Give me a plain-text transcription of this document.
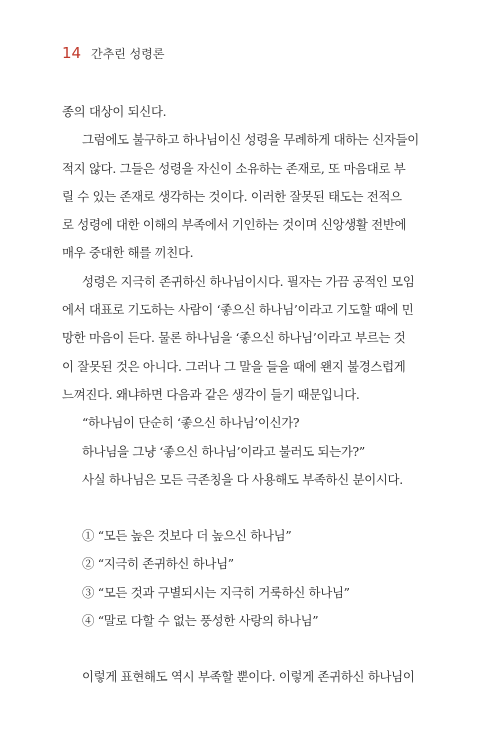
14 간추린 성령론
종의 대상이 되신다.
그럼에도 불구하고 하나님이신 성령을 무례하게 대하는 신자들이
적지 않다. 그들은 성령을 자신이 소유하는 존재로, 또 마음대로 부
릴 수 있는 존재로 생각하는 것이다. 이러한 잘못된 태도는 전적으
로 성령에 대한 이해의 부족에서 기인하는 것이며 신앙생활 전반에
매우 중대한 해를 끼친다.
성령은 지극히 존귀하신 하나님이시다. 필자는 가끔 공적인 모임
에서 대표로 기도하는 사람이 ‘좋으신 하나님’이라고 기도할 때에 민
망한 마음이 든다. 물론 하나님을 ‘좋으신 하나님’이라고 부르는 것
이 잘못된 것은 아니다. 그러나 그 말을 들을 때에 왠지 불경스럽게
느껴진다. 왜냐하면 다음과 같은 생각이 들기 때문입니다.
“하나님이 단순히 ‘좋으신 하나님’이신가?
하나님을 그냥 ‘좋으신 하나님’이라고 불러도 되는가?”
사실 하나님은 모든 극존칭을 다 사용해도 부족하신 분이시다.
① “모든 높은 것보다 더 높으신 하나님”
② “지극히 존귀하신 하나님”
③ “모든 것과 구별되시는 지극히 거룩하신 하나님”
④ “말로 다할 수 없는 풍성한 사랑의 하나님”
이렇게 표현해도 역시 부족할 뿐이다. 이렇게 존귀하신 하나님이
